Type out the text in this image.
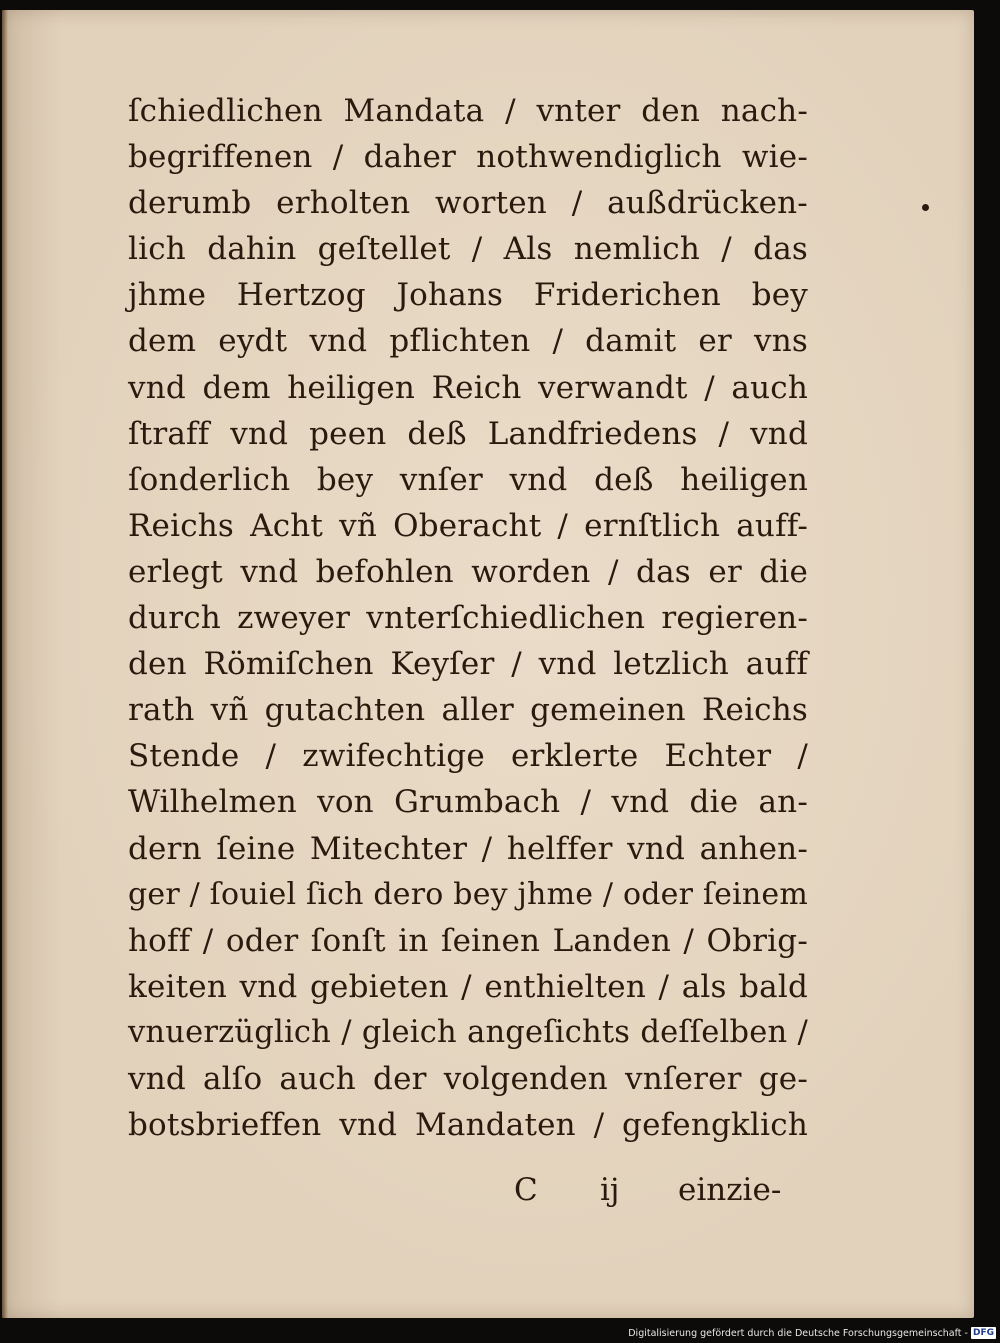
ſchiedlichen Mandata / vnter den nach-
begriffenen / daher nothwendiglich wie-
derumb erholten worten / außdrücken-
lich dahin geſtellet / Als nemlich / das
jhme Hertzog Johans Friderichen bey
dem eydt vnd pflichten / damit er vns
vnd dem heiligen Reich verwandt / auch
ſtraff vnd peen deß Landfriedens / vnd
ſonderlich bey vnſer vnd deß heiligen
Reichs Acht vñ Oberacht / ernſtlich auff-
erlegt vnd befohlen worden / das er die
durch zweyer vnterſchiedlichen regieren-
den Römiſchen Keyſer / vnd letzlich auff
rath vñ gutachten aller gemeinen Reichs
Stende / zwifechtige erklerte Echter /
Wilhelmen von Grumbach / vnd die an-
dern ſeine Mitechter / helffer vnd anhen-
ger / ſouiel ſich dero bey jhme / oder ſeinem
hoff / oder ſonſt in ſeinen Landen / Obrig-
keiten vnd gebieten / enthielten / als bald
vnuerzüglich / gleich angeſichts deſſelben /
vnd alſo auch der volgenden vnſerer ge-
botsbrieffen vnd Mandaten / gefengklich
C ij einzie-
Digitalisierung gefördert durch die Deutsche Forschungsgemeinschaft - DFG
